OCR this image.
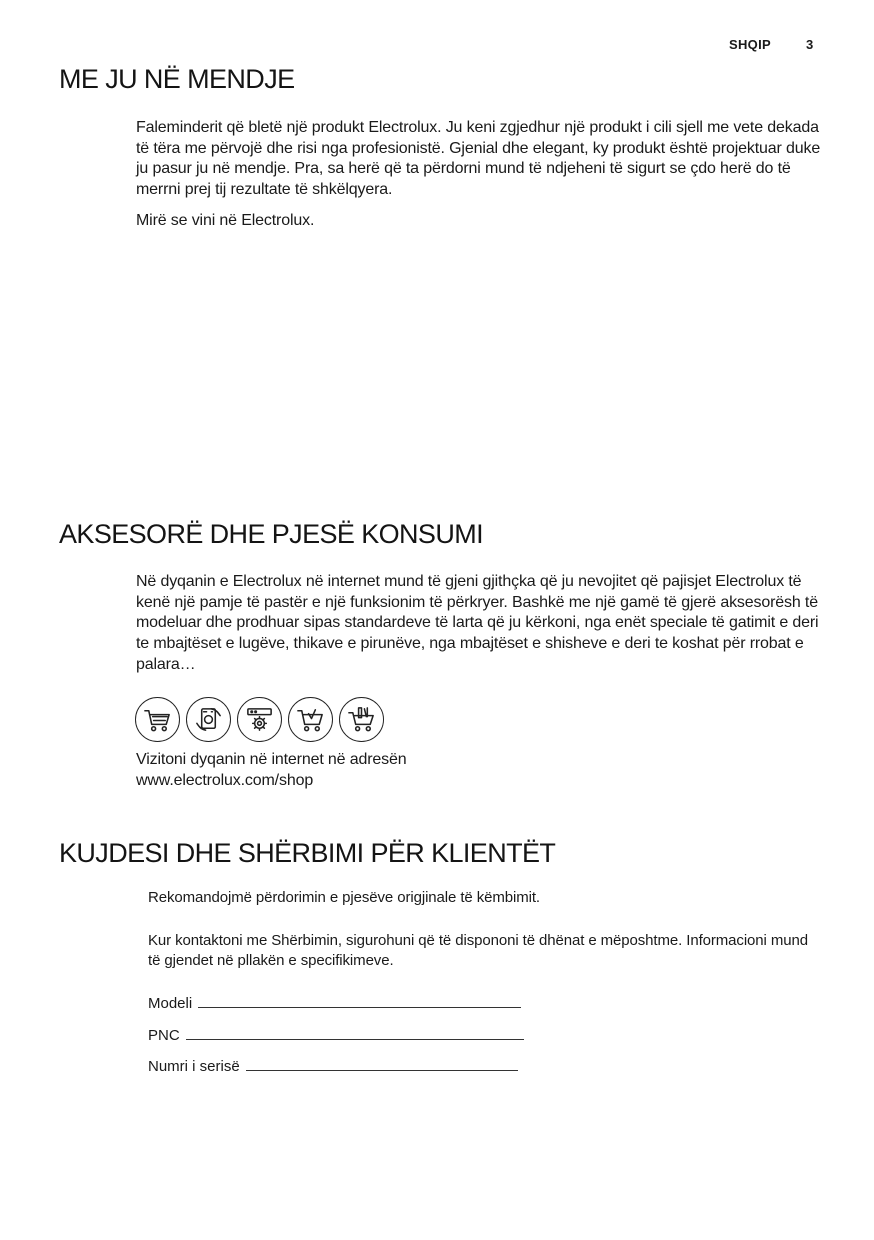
SHQIP	3
ME JU NË MENDJE

Faleminderit që bletë një produkt Electrolux. Ju keni zgjedhur një produkt i cili sjell me vete dekada të tëra me përvojë dhe risi nga profesionistë. Gjenial dhe elegant, ky produkt është projektuar duke ju pasur ju në mendje. Pra, sa herë që ta përdorni mund të ndjeheni të sigurt se çdo herë do të merrni prej tij rezultate të shkëlqyera.

Mirë se vini në Electrolux.

AKSESORË DHE PJESË KONSUMI

Në dyqanin e Electrolux në internet mund të gjeni gjithçka që ju nevojitet që pajisjet Electrolux të kenë një pamje të pastër e një funksionim të përkryer. Bashkë me një gamë të gjerë aksesorësh të modeluar dhe prodhuar sipas standardeve të larta që ju kërkoni, nga enët speciale të gatimit e deri te mbajtëset e lugëve, thikave e pirunëve, nga mbajtëset e shisheve e deri te koshat për rrobat e palara…

Vizitoni dyqanin në internet në adresën

www.electrolux.com/shop

KUJDESI DHE SHËRBIMI PËR KLIENTËT

Rekomandojmë përdorimin e pjesëve origjinale të këmbimit.

Kur kontaktoni me Shërbimin, sigurohuni që të dispononi të dhënat e mëposhtme. Informacioni mund të gjendet në pllakën e specifikimeve.

Modeli
PNC
Numri i serisë
